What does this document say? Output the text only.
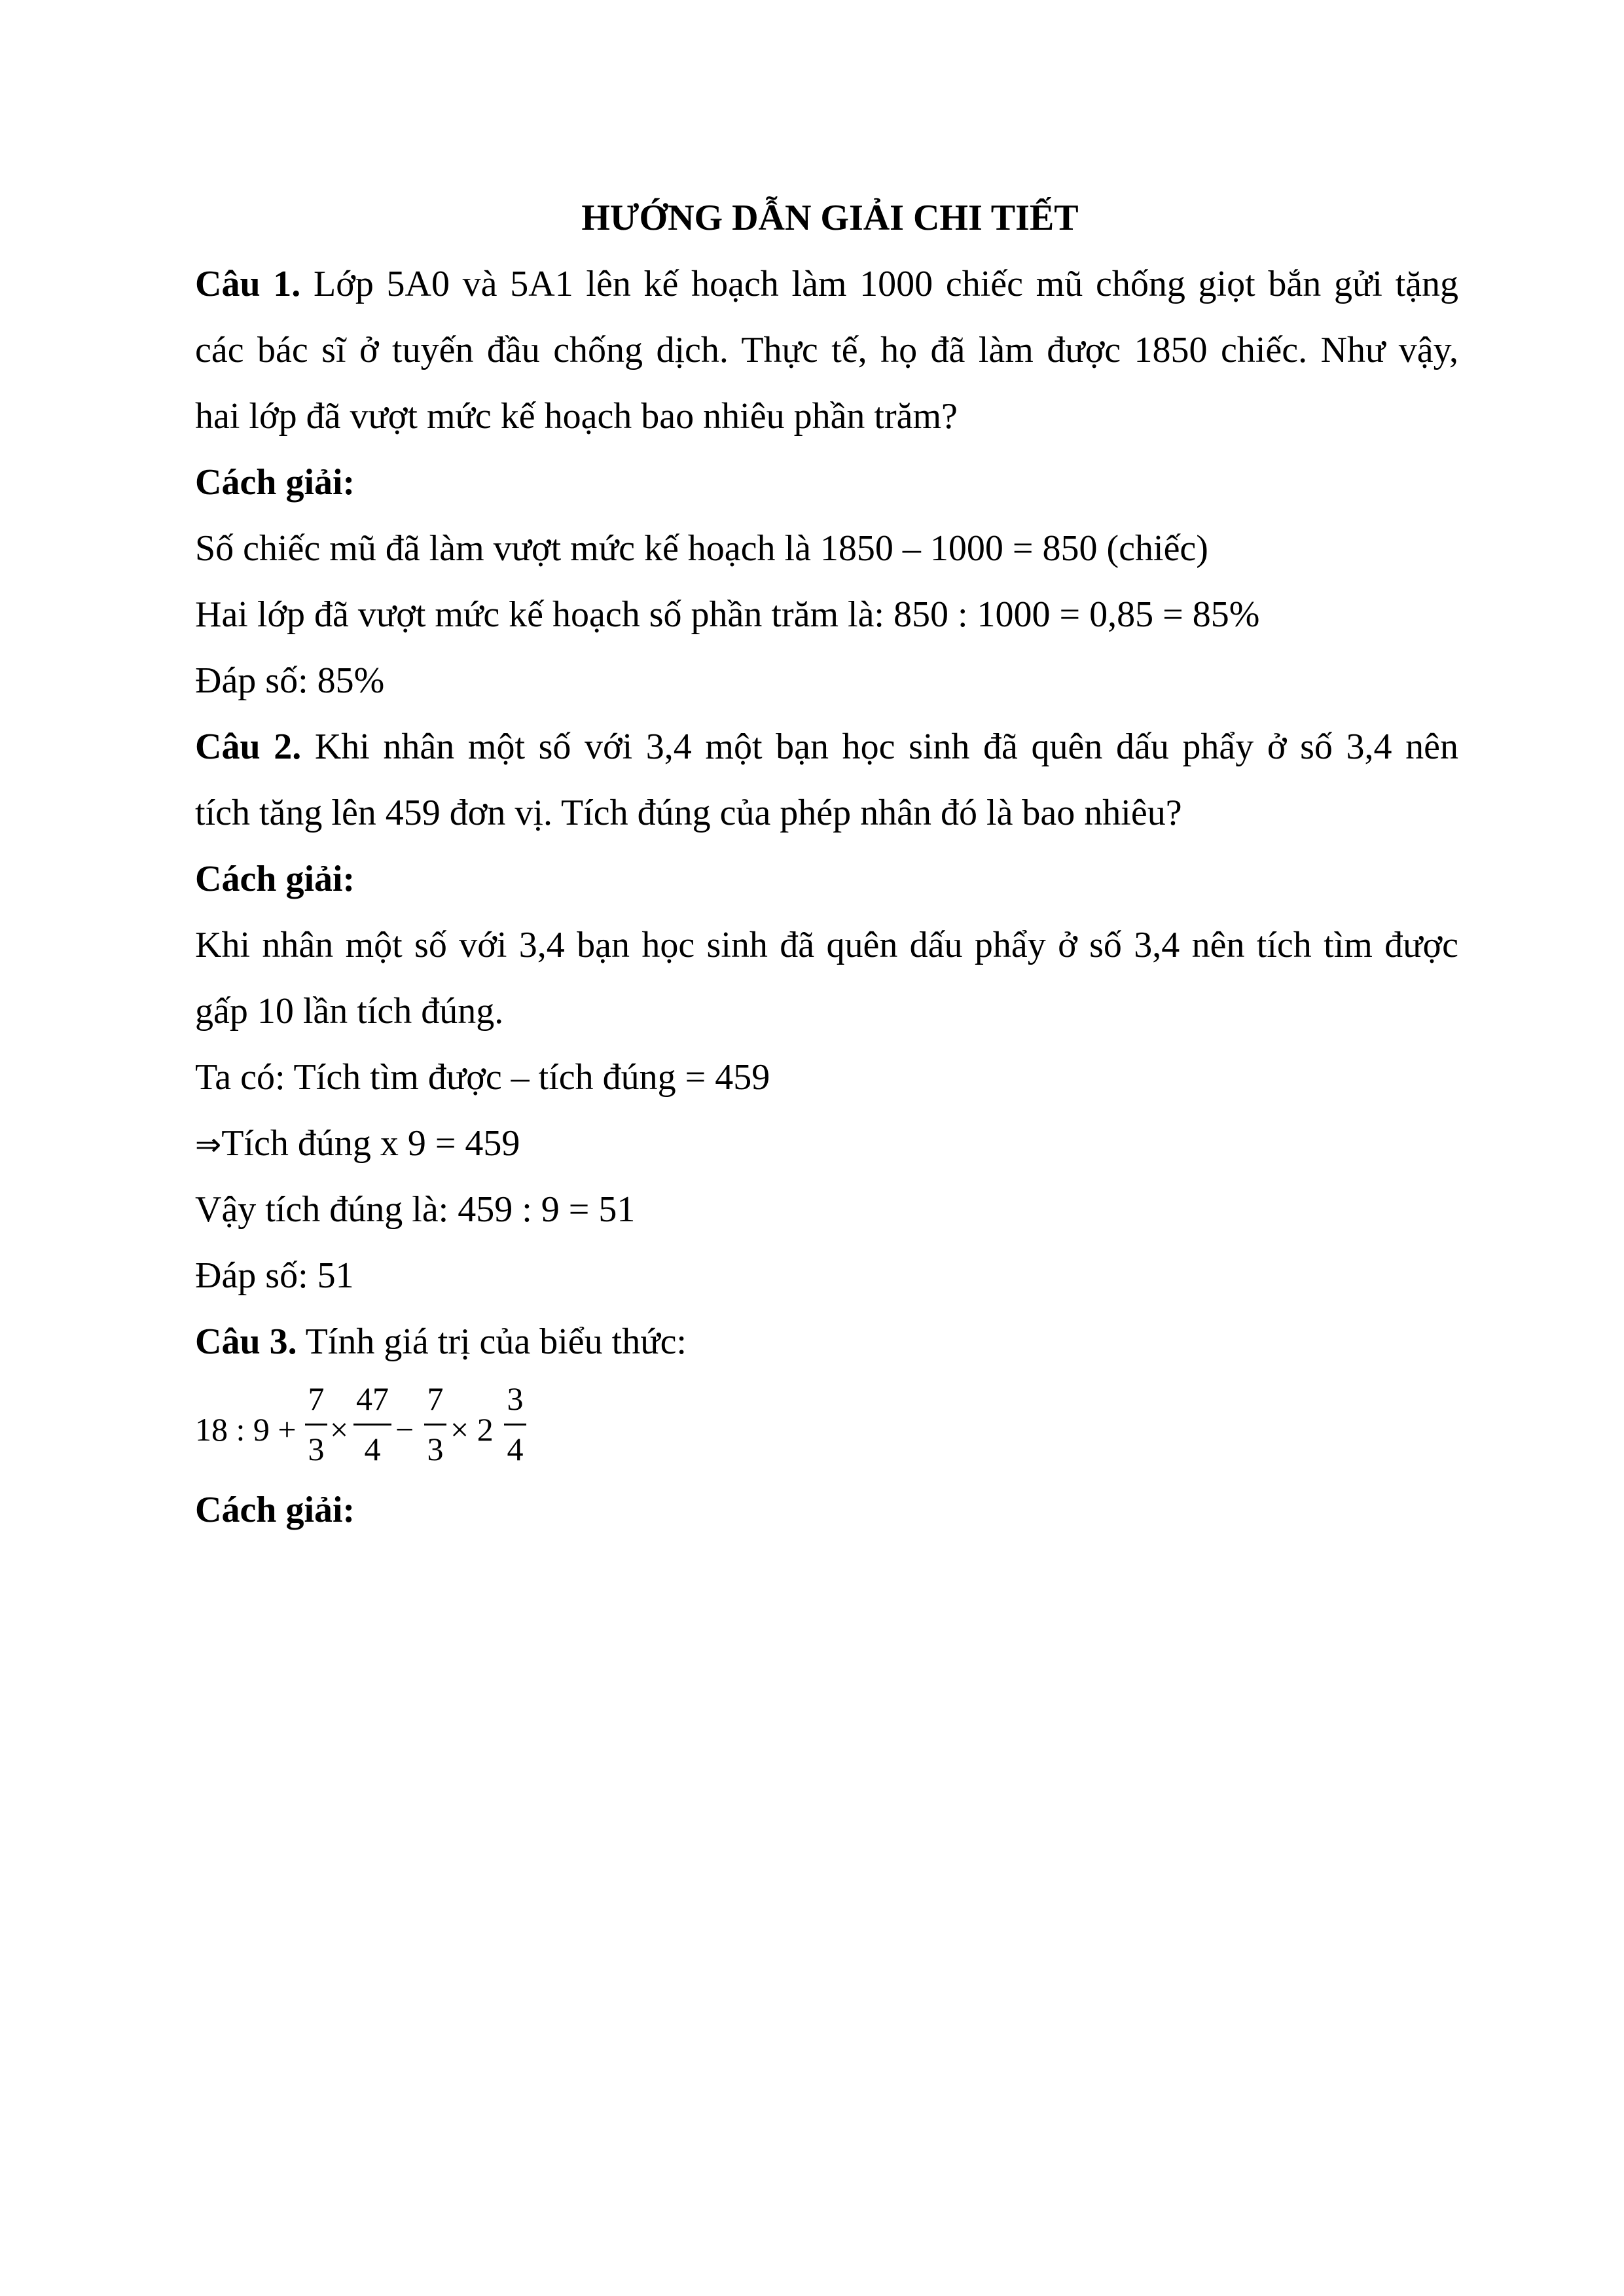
HƯỚNG DẪN GIẢI CHI TIẾT
Câu 1. Lớp 5A0 và 5A1 lên kế hoạch làm 1000 chiếc mũ chống giọt bắn gửi tặng
các bác sĩ ở tuyến đầu chống dịch. Thực tế, họ đã làm được 1850 chiếc. Như vậy,
hai lớp đã vượt mức kế hoạch bao nhiêu phần trăm?
Cách giải:
Số chiếc mũ đã làm vượt mức kế hoạch là 1850 – 1000 = 850 (chiếc)
Hai lớp đã vượt mức kế hoạch số phần trăm là: 850 : 1000 = 0,85 = 85%
Đáp số: 85%
Câu 2. Khi nhân một số với 3,4 một bạn học sinh đã quên dấu phẩy ở số 3,4 nên
tích tăng lên 459 đơn vị. Tích đúng của phép nhân đó là bao nhiêu?
Cách giải:
Khi nhân một số với 3,4 bạn học sinh đã quên dấu phẩy ở số 3,4 nên tích tìm được
gấp 10 lần tích đúng.
Ta có: Tích tìm được – tích đúng = 459
⇒Tích đúng x 9 = 459
Vậy tích đúng là: 459 : 9 = 51
Đáp số: 51
Câu 3. Tính giá trị của biểu thức:
18 : 9 +
7
3
×
47
4
−
7
3
× 2
3
4
Cách giải:
